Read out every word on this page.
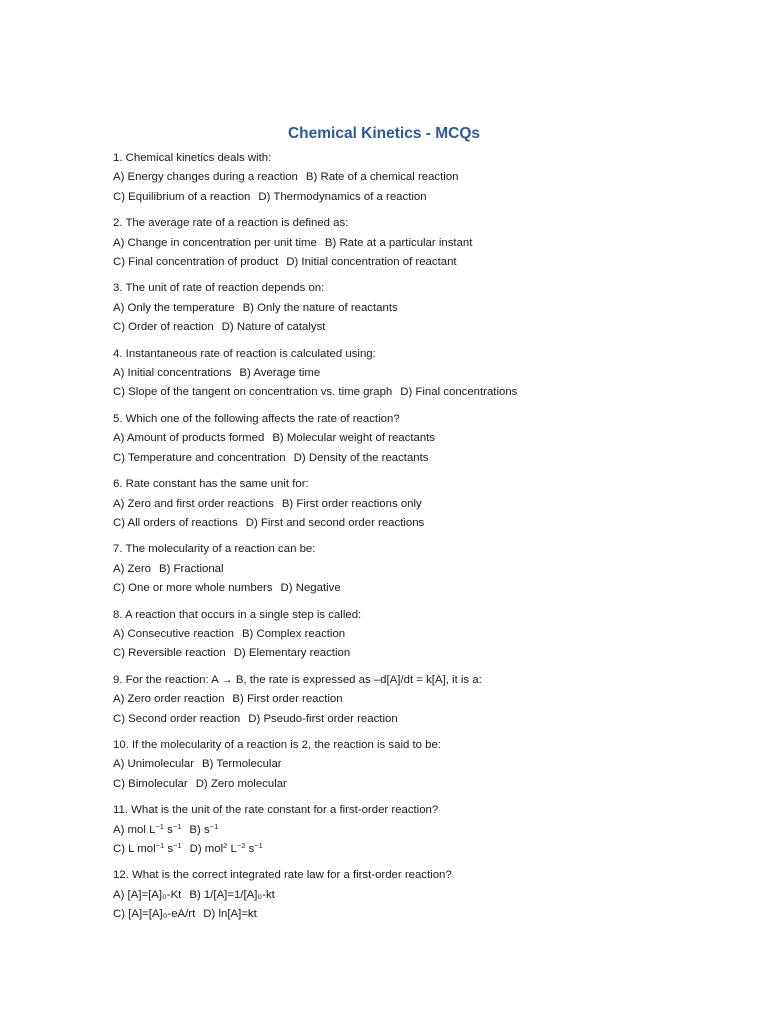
Chemical Kinetics - MCQs
1. Chemical kinetics deals with:
A) Energy changes during a reaction B) Rate of a chemical reaction
C) Equilibrium of a reaction D) Thermodynamics of a reaction
2. The average rate of a reaction is defined as:
A) Change in concentration per unit time B) Rate at a particular instant
C) Final concentration of product D) Initial concentration of reactant
3. The unit of rate of reaction depends on:
A) Only the temperature B) Only the nature of reactants
C) Order of reaction D) Nature of catalyst
4. Instantaneous rate of reaction is calculated using:
A) Initial concentrations B) Average time
C) Slope of the tangent on concentration vs. time graph D) Final concentrations
5. Which one of the following affects the rate of reaction?
A) Amount of products formed B) Molecular weight of reactants
C) Temperature and concentration D) Density of the reactants
6. Rate constant has the same unit for:
A) Zero and first order reactions B) First order reactions only
C) All orders of reactions D) First and second order reactions
7. The molecularity of a reaction can be:
A) Zero B) Fractional
C) One or more whole numbers D) Negative
8. A reaction that occurs in a single step is called:
A) Consecutive reaction B) Complex reaction
C) Reversible reaction D) Elementary reaction
9. For the reaction: A → B, the rate is expressed as –d[A]/dt = k[A], it is a:
A) Zero order reaction B) First order reaction
C) Second order reaction D) Pseudo-first order reaction
10. If the molecularity of a reaction is 2, the reaction is said to be:
A) Unimolecular B) Termolecular
C) Bimolecular D) Zero molecular
11. What is the unit of the rate constant for a first-order reaction?
A) mol $L^{-1}$ $s^{-1}$ B) $s^{-1}$
C) L mol$^{-1}$ $s^{-1}$ D) mol$^2$ $L^{-2}$ $s^{-1}$
12. What is the correct integrated rate law for a first-order reaction?
A) [A]=[A]₀-Kt B) 1/[A]=1/[A]₀-kt
C) [A]=[A]₀-eA/rt D) ln[A]=kt
